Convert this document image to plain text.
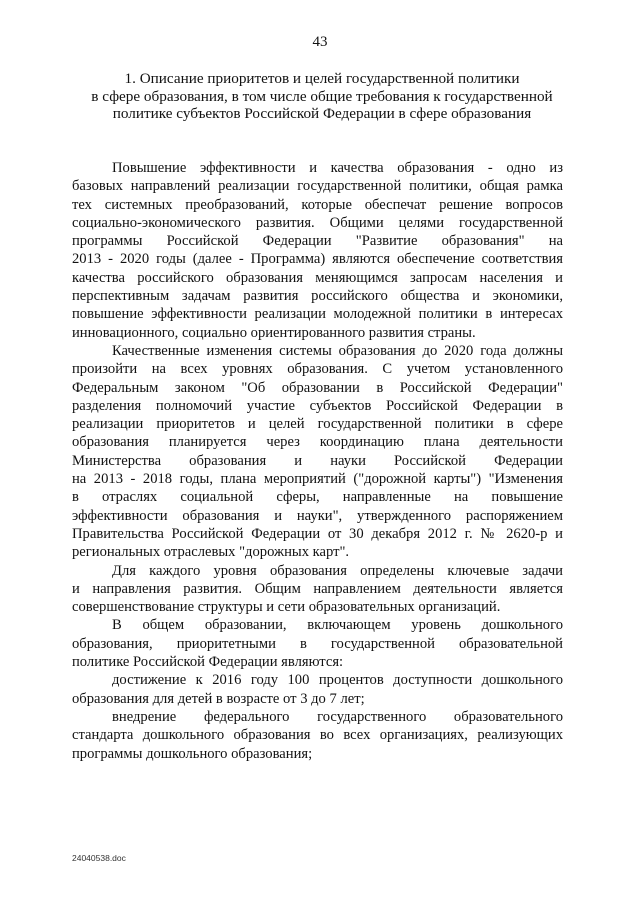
43
1. Описание приоритетов и целей государственной политики
в сфере образования, в том числе общие требования к государственной
политике субъектов Российской Федерации в сфере образования
Повышение эффективности и качества образования - одно из
базовых направлений реализации государственной политики, общая рамка
тех системных преобразований, которые обеспечат решение вопросов
социально-экономического развития. Общими целями государственной
программы Российской Федерации "Развитие образования" на
2013 - 2020 годы (далее - Программа) являются обеспечение соответствия
качества российского образования меняющимся запросам населения и
перспективным задачам развития российского общества и экономики,
повышение эффективности реализации молодежной политики в интересах
инновационного, социально ориентированного развития страны.
Качественные изменения системы образования до 2020 года должны
произойти на всех уровнях образования. С учетом установленного
Федеральным законом "Об образовании в Российской Федерации"
разделения полномочий участие субъектов Российской Федерации в
реализации приоритетов и целей государственной политики в сфере
образования планируется через координацию плана деятельности
Министерства образования и науки Российской Федерации
на 2013 - 2018 годы, плана мероприятий ("дорожной карты") "Изменения
в отраслях социальной сферы, направленные на повышение
эффективности образования и науки", утвержденного распоряжением
Правительства Российской Федерации от 30 декабря 2012 г. № 2620-р и
региональных отраслевых "дорожных карт".
Для каждого уровня образования определены ключевые задачи
и направления развития. Общим направлением деятельности является
совершенствование структуры и сети образовательных организаций.
В общем образовании, включающем уровень дошкольного
образования, приоритетными в государственной образовательной
политике Российской Федерации являются:
достижение к 2016 году 100 процентов доступности дошкольного
образования для детей в возрасте от 3 до 7 лет;
внедрение федерального государственного образовательного
стандарта дошкольного образования во всех организациях, реализующих
программы дошкольного образования;
24040538.doc
